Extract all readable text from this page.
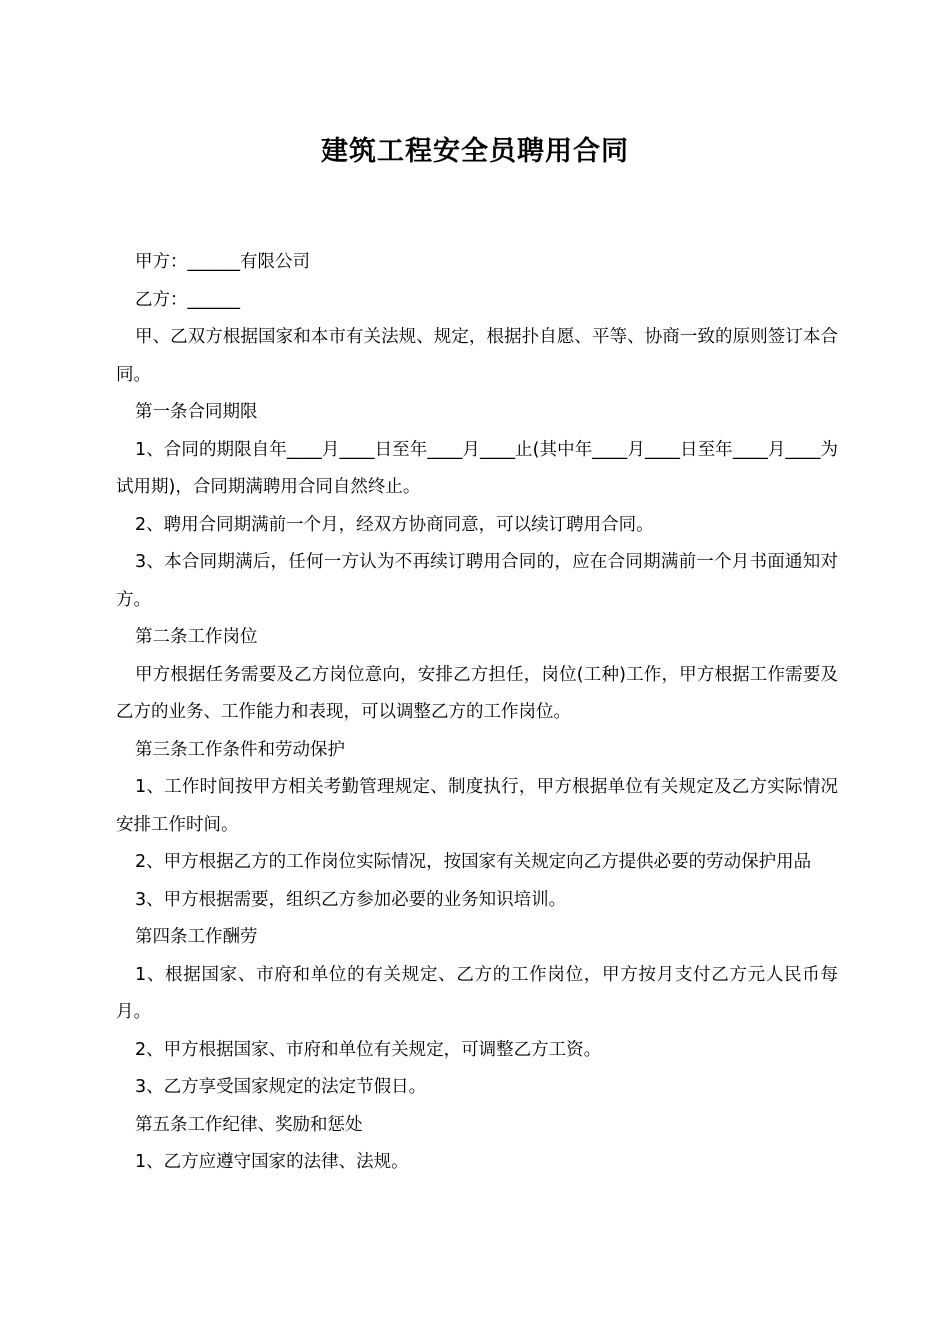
建筑工程安全员聘用合同

甲方：______有限公司

乙方：______

甲、乙双方根据国家和本市有关法规、规定，根据扑自愿、平等、协商一致的原则签订本合同。

第一条合同期限

1、合同的期限自年____月____日至年____月____止(其中年____月____日至年____月____为试用期)，合同期满聘用合同自然终止。

2、聘用合同期满前一个月，经双方协商同意，可以续订聘用合同。

3、本合同期满后，任何一方认为不再续订聘用合同的，应在合同期满前一个月书面通知对方。

第二条工作岗位

甲方根据任务需要及乙方岗位意向，安排乙方担任，岗位(工种)工作，甲方根据工作需要及乙方的业务、工作能力和表现，可以调整乙方的工作岗位。

第三条工作条件和劳动保护

1、工作时间按甲方相关考勤管理规定、制度执行，甲方根据单位有关规定及乙方实际情况安排工作时间。

2、甲方根据乙方的工作岗位实际情况，按国家有关规定向乙方提供必要的劳动保护用品

3、甲方根据需要，组织乙方参加必要的业务知识培训。

第四条工作酬劳

1、根据国家、市府和单位的有关规定、乙方的工作岗位，甲方按月支付乙方元人民币每月。

2、甲方根据国家、市府和单位有关规定，可调整乙方工资。

3、乙方享受国家规定的法定节假日。

第五条工作纪律、奖励和惩处

1、乙方应遵守国家的法律、法规。
